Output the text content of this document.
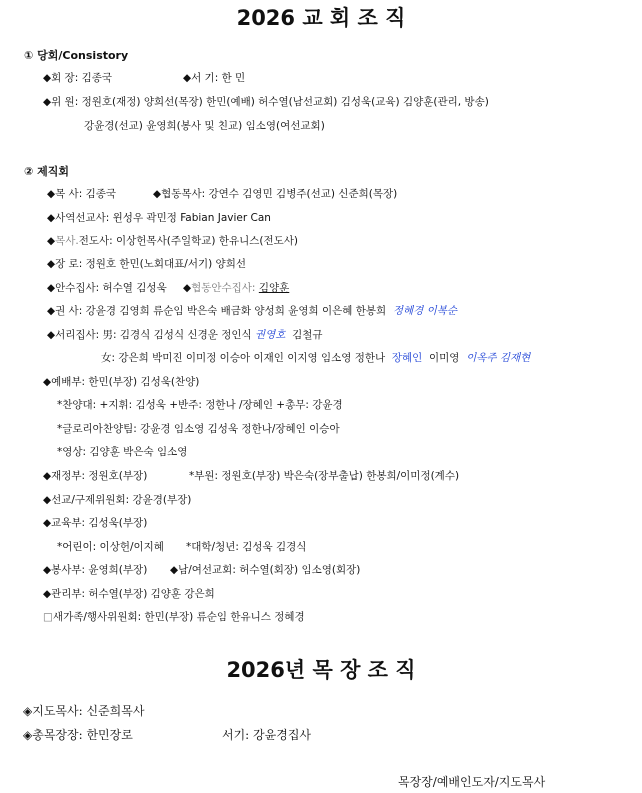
2026 교 회 조 직
① 당회/Consistory
◆회 장: 김종국	◆서 기: 한 민
◆위 원: 정원호(재정) 양희선(목장) 한민(예배) 허수열(남선교회) 김성욱(교육) 김양훈(관리, 방송)
강윤경(선교) 윤영희(봉사 및 친교) 임소영(여선교회)
② 제직회
◆목 사: 김종국	◆협동목사: 강연수 김영민 김병주(선교) 신준희(목장)
◆사역선교사: 윈성우 곽민정 Fabian Javier Can
◆목사.전도사: 이상헌목사(주일학교) 한유니스(전도사)
◆장 로: 정원호 한민(노회대표/서기) 양희선
◆안수집사: 허수열 김성욱 ◆협동안수집사: 김양훈
◆권 사: 강윤경 김영희 류순임 박은숙 배금화 양성희 윤영희 이은혜 한봉희 정혜경 이복순
◆서리집사: 男: 김경식 김성식 신경운 정인식 권영호 김철규
女: 강은희 박미진 이미정 이승아 이재인 이지영 임소영 정한나 장혜인 이미영 이옥주 김재현
◆예배부: 한민(부장) 김성욱(찬양)
*찬양대: +지휘: 김성욱 +반주: 정한나 /장혜인 +총무: 강윤경
*글로리아찬양팀: 강윤경 임소영 김성욱 정한나/장혜인 이승아
*영상: 김양훈 박은숙 임소영
◆재정부: 정원호(부장)	*부원: 정원호(부장) 박은숙(장부출납) 한봉희/이미정(계수)
◆선교/구제위원회: 강윤경(부장)
◆교육부: 김성욱(부장)
*어린이: 이상헌/이지혜 *대학/청년: 김성욱 김경식
◆봉사부: 윤영희(부장) ◆남/여선교회: 허수열(회장) 임소영(회장)
◆관리부: 허수열(부장) 김양훈 강은희
□새가족/행사위원회: 한민(부장) 류순임 한유니스 정혜경
2026년 목 장 조 직
◈지도목사: 신준희목사
◈총목장장: 한민장로	서기: 강윤경집사
목장장/예배인도자/지도목사
